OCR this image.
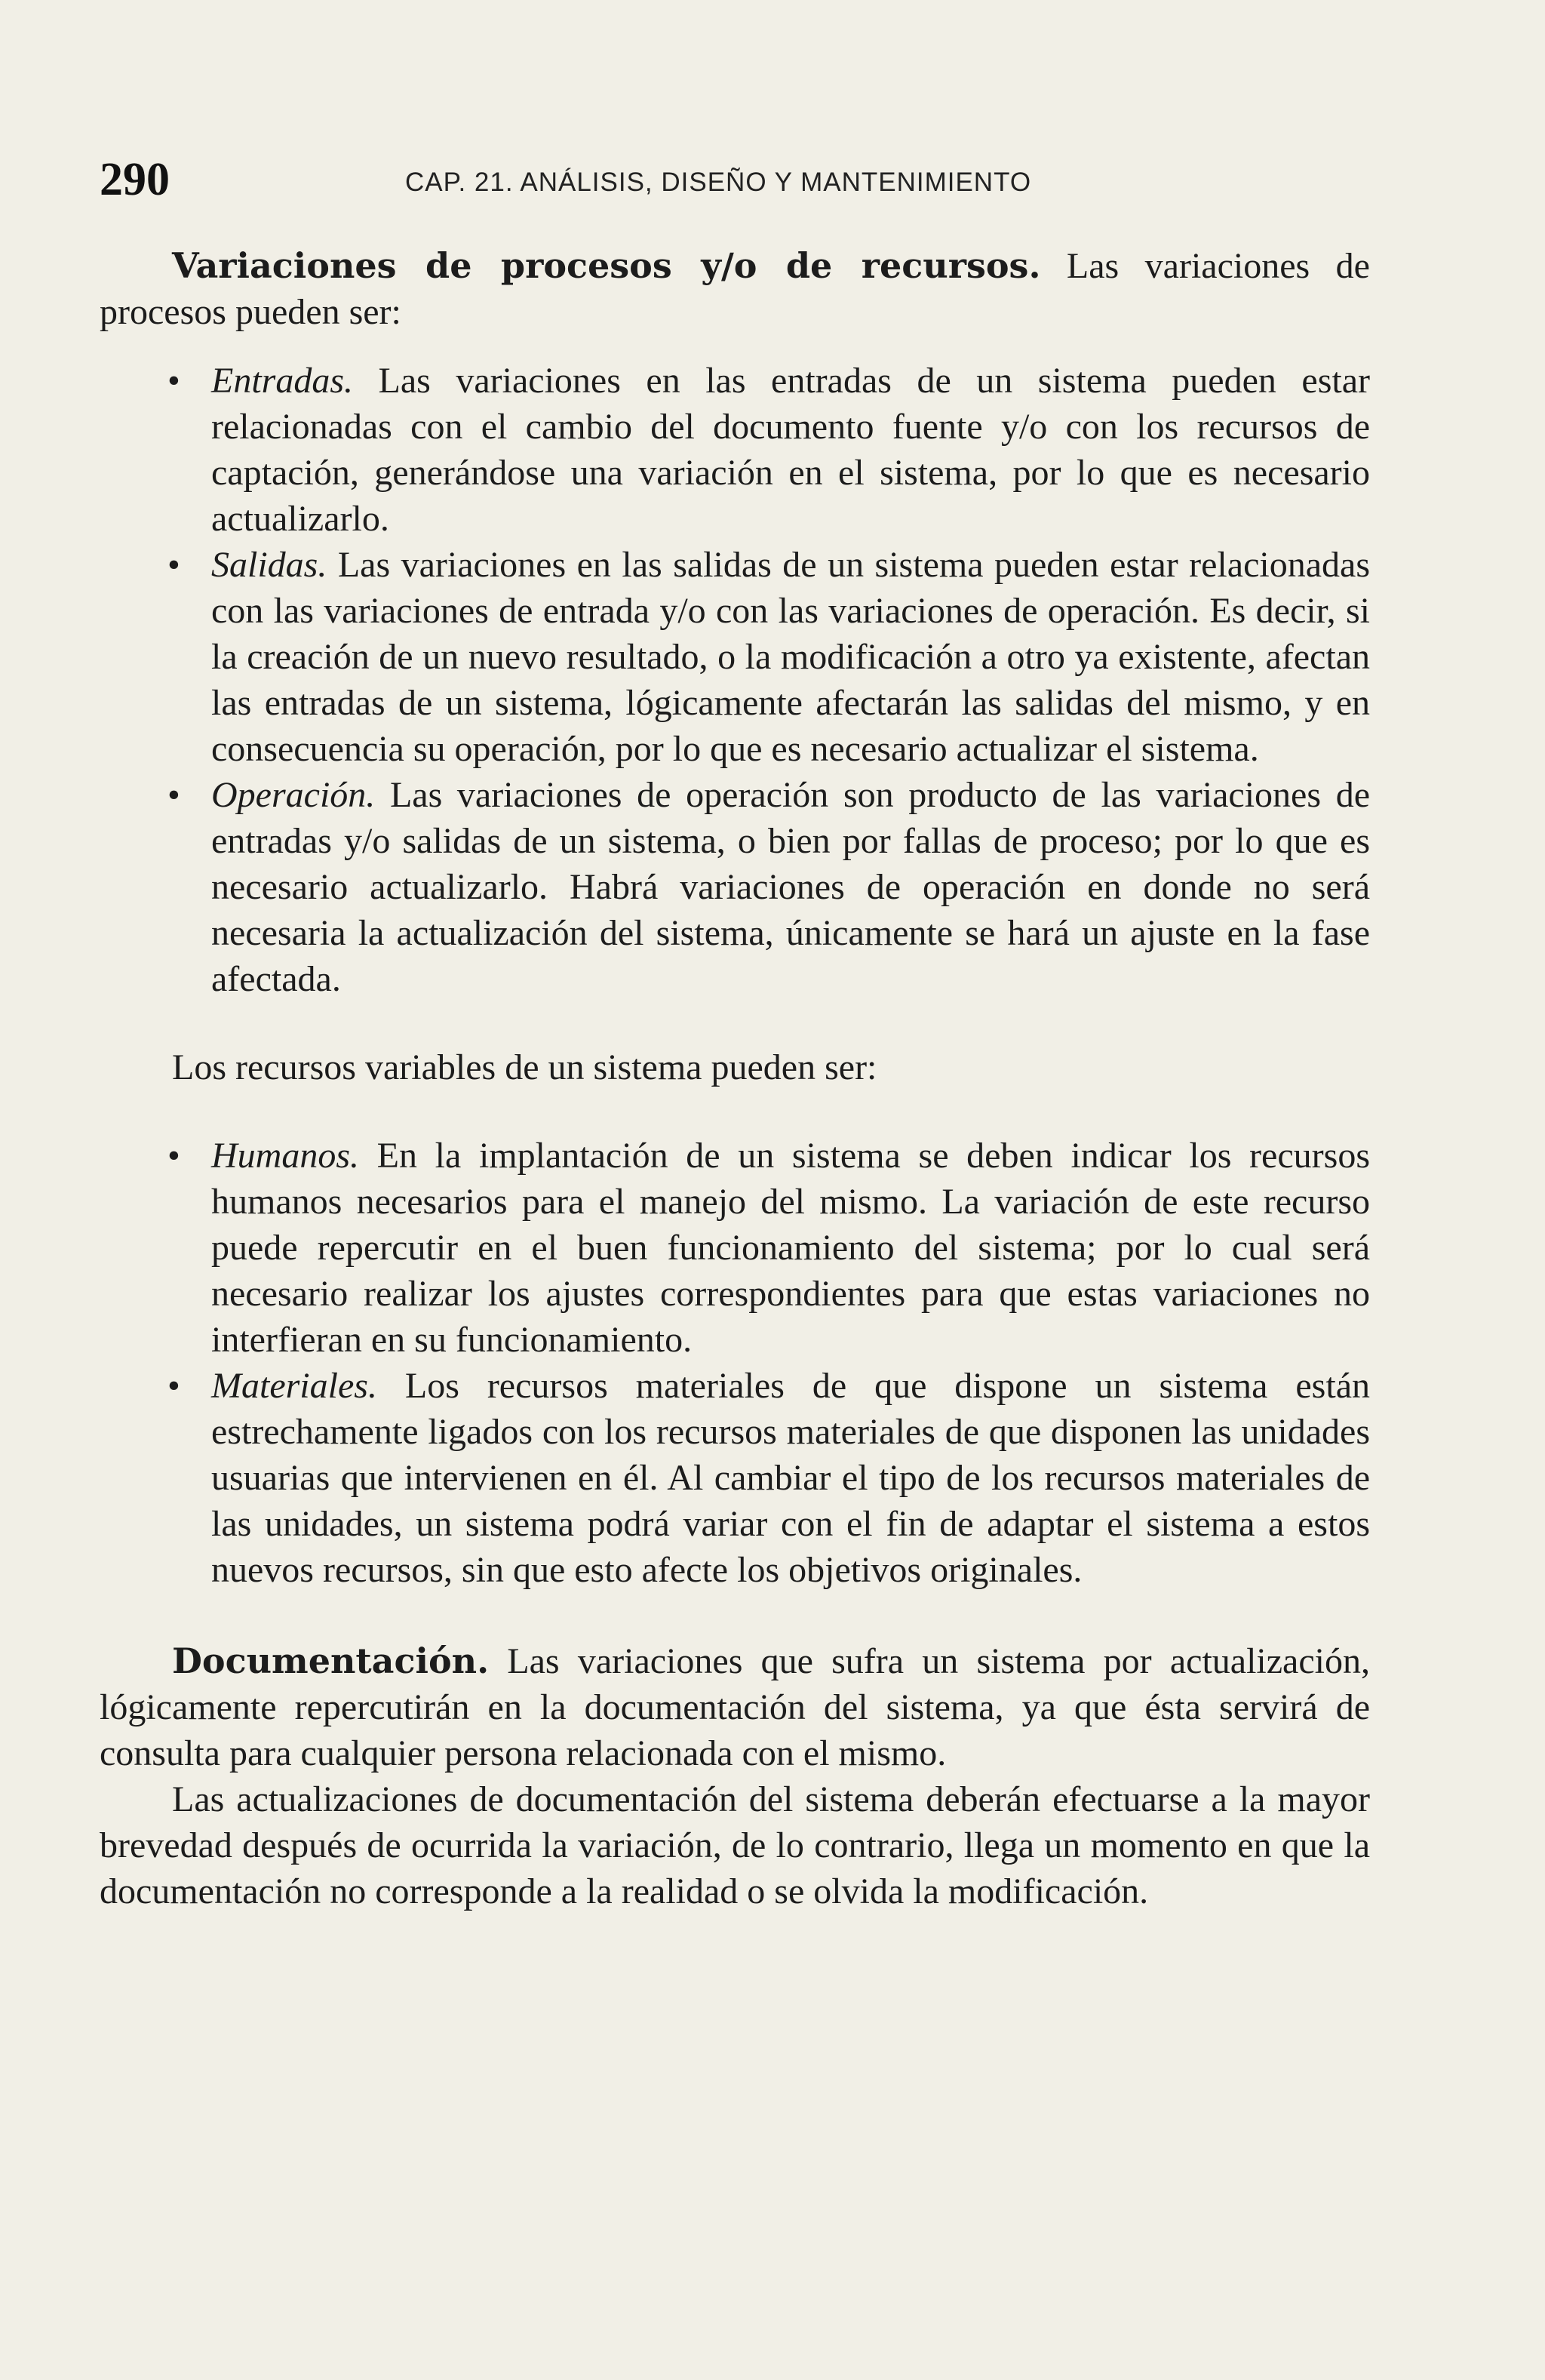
290	CAP. 21. ANÁLISIS, DISEÑO Y MANTENIMIENTO

Variaciones de procesos y/o de recursos. Las variaciones de procesos pueden ser:

• Entradas. Las variaciones en las entradas de un sistema pueden estar relacionadas con el cambio del documento fuente y/o con los recursos de captación, generándose una variación en el sistema, por lo que es necesario actualizarlo.
• Salidas. Las variaciones en las salidas de un sistema pueden estar relacionadas con las variaciones de entrada y/o con las variaciones de operación. Es decir, si la creación de un nuevo resultado, o la modificación a otro ya existente, afectan las entradas de un sistema, lógicamente afectarán las salidas del mismo, y en consecuencia su operación, por lo que es necesario actualizar el sistema.
• Operación. Las variaciones de operación son producto de las variaciones de entradas y/o salidas de un sistema, o bien por fallas de proceso; por lo que es necesario actualizarlo. Habrá variaciones de operación en donde no será necesaria la actualización del sistema, únicamente se hará un ajuste en la fase afectada.

Los recursos variables de un sistema pueden ser:

• Humanos. En la implantación de un sistema se deben indicar los recursos humanos necesarios para el manejo del mismo. La variación de este recurso puede repercutir en el buen funcionamiento del sistema; por lo cual será necesario realizar los ajustes correspondientes para que estas variaciones no interfieran en su funcionamiento.
• Materiales. Los recursos materiales de que dispone un sistema están estrechamente ligados con los recursos materiales de que disponen las unidades usuarias que intervienen en él. Al cambiar el tipo de los recursos materiales de las unidades, un sistema podrá variar con el fin de adaptar el sistema a estos nuevos recursos, sin que esto afecte los objetivos originales.

Documentación. Las variaciones que sufra un sistema por actualización, lógicamente repercutirán en la documentación del sistema, ya que ésta servirá de consulta para cualquier persona relacionada con el mismo.

Las actualizaciones de documentación del sistema deberán efectuarse a la mayor brevedad después de ocurrida la variación, de lo contrario, llega un momento en que la documentación no corresponde a la realidad o se olvida la modificación.
